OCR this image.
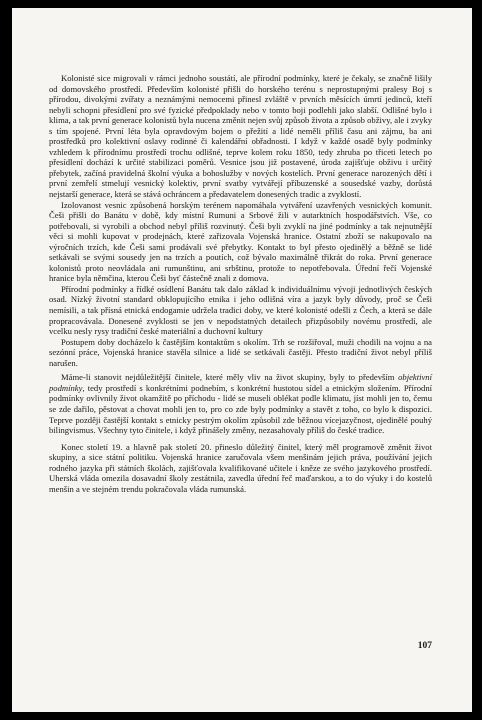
Kolonisté sice migrovali v rámci jednoho soustátí, ale přírodní podmínky, které je čekaly, se značně lišily od domovského prostředí. Především kolonisté přišli do horského terénu s neprostupnými pralesy Boj s přírodou, divokými zvířaty a neznámými nemocemi přinesl zvláště v prvních měsících úmrtí jedinců, kteří nebyli schopni přesídlení pro své fyzické předpoklady nebo v tomto boji podlehli jako slabší. Odlišné bylo i klima, a tak první generace kolonistů byla nucena změnit nejen svůj způsob života a způsob obživy, ale i zvyky s tím spojené. První léta byla opravdovým bojem o přežití a lidé neměli příliš času ani zájmu, ba ani prostředků pro kolektivní oslavy rodinné či kalendářní obřadnosti. I když v každé osadě byly podmínky vzhledem k přírodnímu prostředí trochu odlišné, teprve kolem roku 1850, tedy zhruba po třiceti letech po přesídlení dochází k určité stabilizaci poměrů. Vesnice jsou již postavené, úroda zajišťuje obživu i určitý přebytek, začíná pravidelná školní výuka a bohoslužby v nových kostelích. První generace narozených dětí i první zemřelí stmelují vesnický kolektiv, první svatby vytvářejí příbuzenské a sousedské vazby, dorůstá nejstarší generace, která se stává ochráncem a předavatelem donesených tradic a zvyklostí.

Izolovanost vesnic způsobená horským terénem napomáhala vytváření uzavřených vesnických komunit. Češi přišli do Banátu v době, kdy místní Rumuni a Srbové žili v autarktních hospodářstvích. Vše, co potřebovali, si vyrobili a obchod nebyl příliš rozvinutý. Češi byli zvyklí na jiné podmínky a tak nejnutnější věci si mohli kupovat v prodejnách, které zařizovala Vojenská hranice. Ostatní zboží se nakupovalo na výročních trzích, kde Češi sami prodávali své přebytky. Kontakt to byl přesto ojedinělý a běžně se lidé setkávali se svými sousedy jen na trzích a poutích, což bývalo maximálně třikrát do roka. První generace kolonistů proto neovládala ani rumunštinu, ani srbštinu, protože to nepotřebovala. Úřední řečí Vojenské hranice byla němčina, kterou Češi byť částečně znali z domova.

Přírodní podmínky a řídké osídlení Banátu tak dalo základ k individuálnímu vývoji jednotlivých českých osad. Nízký životní standard obklopujícího etnika i jeho odlišná víra a jazyk byly důvody, proč se Češi nemísili, a tak přísná etnická endogamie udržela tradici doby, ve které kolonisté odešli z Čech, a která se dále propracovávala. Donesené zvyklosti se jen v nepodstatných detailech přizpůsobily novému prostředí, ale vcelku nesly rysy tradiční české materiální a duchovní kultury

Postupem doby docházelo k častějším kontaktům s okolím. Trh se rozšiřoval, muži chodili na vojnu a na sezónní práce, Vojenská hranice stavěla silnice a lidé se setkávali častěji. Přesto tradiční život nebyl příliš narušen.

Máme-li stanovit nejdůležitější činitele, které měly vliv na život skupiny, byly to především objektivní podmínky, tedy prostředí s konkrétními podnebím, s konkrétní hustotou sídel a etnickým složením. Přírodní podmínky ovlivnily život okamžitě po příchodu - lidé se museli oblékat podle klimatu, jíst mohli jen to, čemu se zde dařilo, pěstovat a chovat mohli jen to, pro co zde byly podmínky a stavět z toho, co bylo k dispozici. Teprve později častější kontakt s etnicky pestrým okolím způsobil zde běžnou vícejazyčnost, ojedinělé pouhý bilingvismus. Všechny tyto činitele, i když přinášely změny, nezasahovaly příliš do české tradice.

Konec století 19. a hlavně pak století 20. přineslo důležitý činitel, který měl programově změnit život skupiny, a sice státní politiku. Vojenská hranice zaručovala všem menšinám jejich práva, používání jejich rodného jazyka při státních školách, zajišťovala kvalifikované učitele i kněze ze svého jazykového prostředí. Uherská vláda omezila dosavadní školy zestátnila, zavedla úřední řeč maďarskou, a to do výuky i do kostelů menšin a ve stejném trendu pokračovala vláda rumunská.

107
